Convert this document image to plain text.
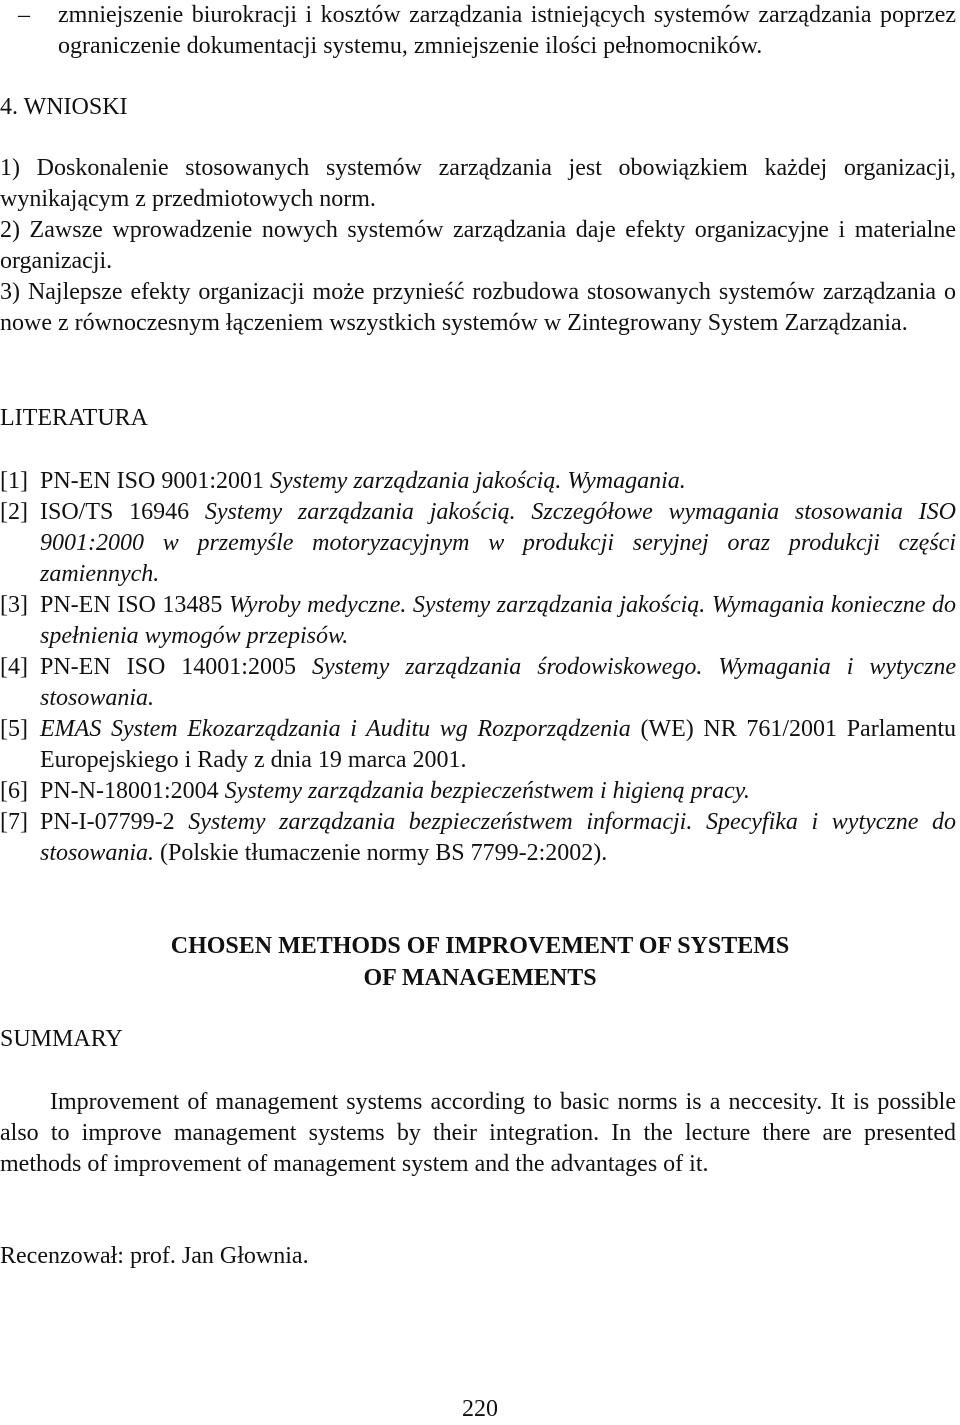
– zmniejszenie biurokracji i kosztów zarządzania istniejących systemów zarządzania poprzez ograniczenie dokumentacji systemu, zmniejszenie ilości pełnomocników.

4. WNIOSKI

1) Doskonalenie stosowanych systemów zarządzania jest obowiązkiem każdej organizacji, wynikającym z przedmiotowych norm.

2) Zawsze wprowadzenie nowych systemów zarządzania daje efekty organizacyjne i materialne organizacji.

3) Najlepsze efekty organizacji może przynieść rozbudowa stosowanych systemów zarządzania o nowe z równoczesnym łączeniem wszystkich systemów w Zintegrowany System Zarządzania.

LITERATURA
[1] PN-EN ISO 9001:2001 Systemy zarządzania jakością. Wymagania.
[2] ISO/TS 16946 Systemy zarządzania jakością. Szczegółowe wymagania stosowania ISO 9001:2000 w przemyśle motoryzacyjnym w produkcji seryjnej oraz produkcji części zamiennych.
[3] PN-EN ISO 13485 Wyroby medyczne. Systemy zarządzania jakością. Wymagania konieczne do spełnienia wymogów przepisów.
[4] PN-EN ISO 14001:2005 Systemy zarządzania środowiskowego. Wymagania i wytyczne stosowania.
[5] EMAS System Ekozarządzania i Auditu wg Rozporządzenia (WE) NR 761/2001 Parlamentu Europejskiego i Rady z dnia 19 marca 2001.
[6] PN-N-18001:2004 Systemy zarządzania bezpieczeństwem i higieną pracy.
[7] PN-I-07799-2 Systemy zarządzania bezpieczeństwem informacji. Specyfika i wytyczne do stosowania. (Polskie tłumaczenie normy BS 7799-2:2002).
CHOSEN METHODS OF IMPROVEMENT OF SYSTEMS
OF MANAGEMENTS
SUMMARY

Improvement of management systems according to basic norms is a neccesity. It is possible also to improve management systems by their integration. In the lecture there are presented methods of improvement of management system and the advantages of it.

Recenzował: prof. Jan Głownia.

220
